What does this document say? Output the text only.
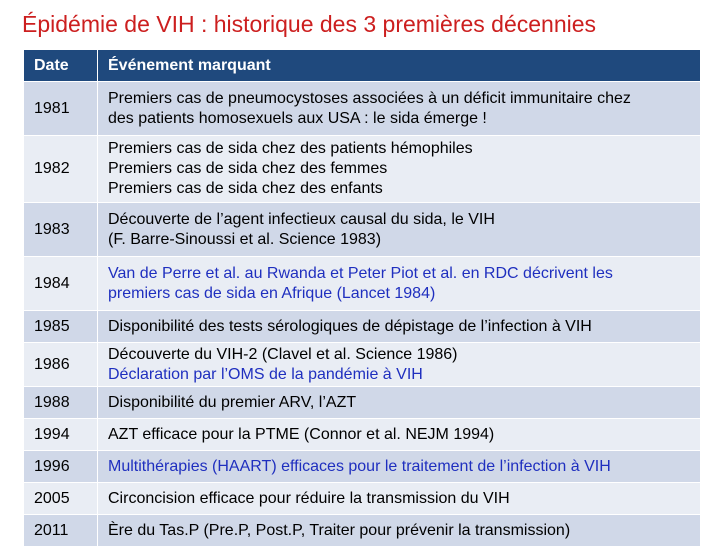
Épidémie de VIH : historique des 3 premières décennies
Date	Événement marquant
1981	Premiers cas de pneumocystoses associées à un déficit immunitaire chez
des patients homosexuels aux USA : le sida émerge !

1982	Premiers cas de sida chez des patients hémophiles
Premiers cas de sida chez des femmes
Premiers cas de sida chez des enfants

1983	Découverte de l’agent infectieux causal du sida, le VIH
(F. Barre-Sinoussi et al. Science 1983)

1984	Van de Perre et al. au Rwanda et Peter Piot et al. en RDC décrivent les
premiers cas de sida en Afrique (Lancet 1984)

1985	Disponibilité des tests sérologiques de dépistage de l’infection à VIH

1986	Découverte du VIH-2 (Clavel et al. Science 1986)
Déclaration par l’OMS de la pandémie à VIH

1988	Disponibilité du premier ARV, l’AZT

1994	AZT efficace pour la PTME (Connor et al. NEJM 1994)

1996	Multithérapies (HAART) efficaces pour le traitement de l’infection à VIH

2005	Circoncision efficace pour réduire la transmission du VIH

2011	Ère du Tas.P (Pre.P, Post.P, Traiter pour prévenir la transmission)
